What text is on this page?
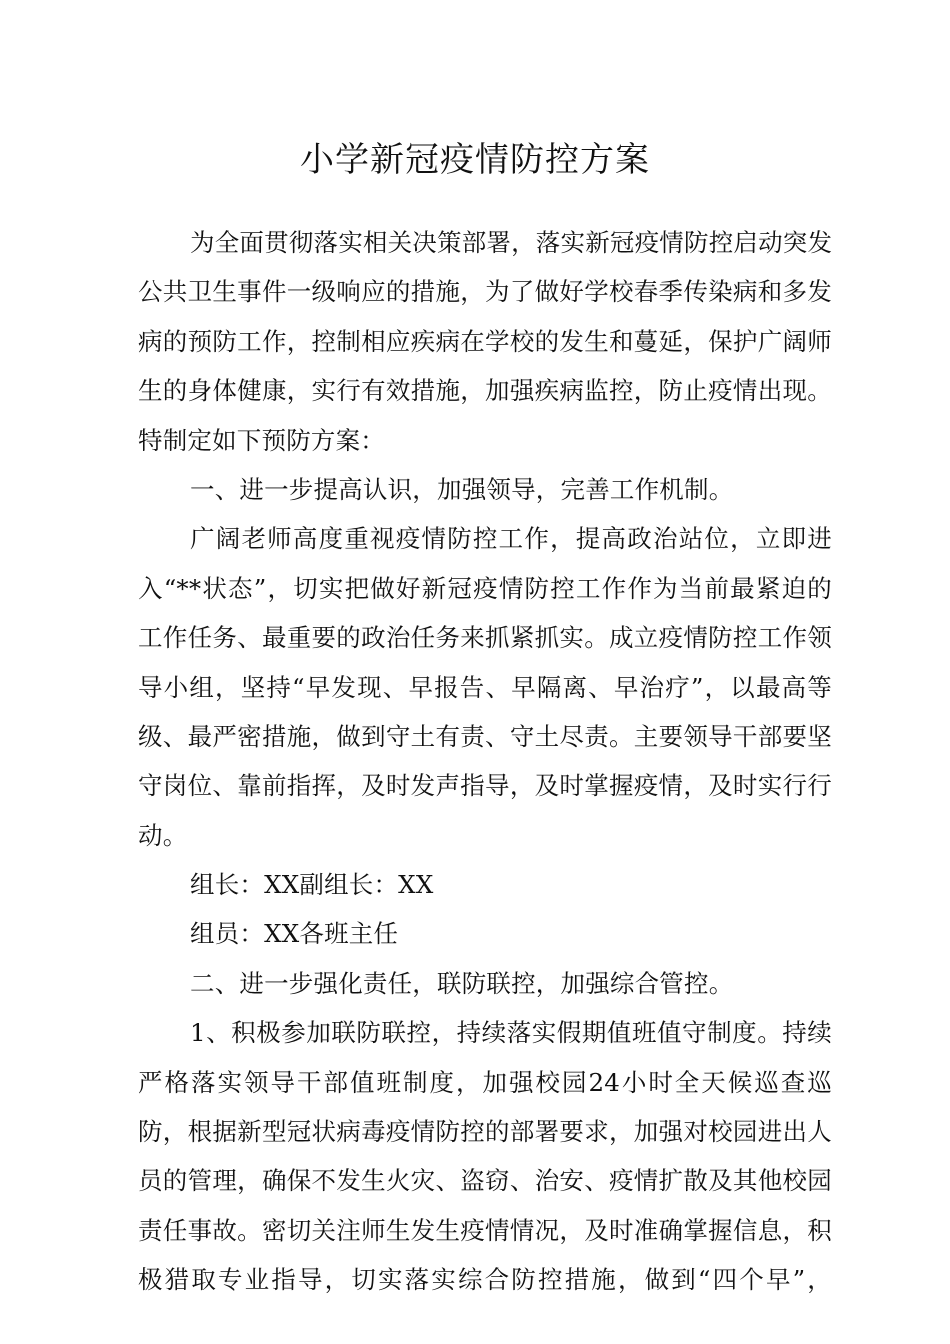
小学新冠疫情防控方案
为全面贯彻落实相关决策部署，落实新冠疫情防控启动突发
公共卫生事件一级响应的措施，为了做好学校春季传染病和多发
病的预防工作，控制相应疾病在学校的发生和蔓延，保护广阔师
生的身体健康，实行有效措施，加强疾病监控，防止疫情出现。
特制定如下预防方案：
一、进一步提高认识，加强领导，完善工作机制。
广阔老师高度重视疫情防控工作，提高政治站位，立即进
入“**状态”，切实把做好新冠疫情防控工作作为当前最紧迫的
工作任务、最重要的政治任务来抓紧抓实。成立疫情防控工作领
导小组，坚持“早发现、早报告、早隔离、早治疗”，以最高等
级、最严密措施，做到守土有责、守土尽责。主要领导干部要坚
守岗位、靠前指挥，及时发声指导，及时掌握疫情，及时实行行
动。
组长：XX副组长：XX
组员：XX各班主任
二、进一步强化责任，联防联控，加强综合管控。
1、积极参加联防联控，持续落实假期值班值守制度。持续
严格落实领导干部值班制度，加强校园24小时全天候巡查巡
防，根据新型冠状病毒疫情防控的部署要求，加强对校园进出人
员的管理，确保不发生火灾、盗窃、治安、疫情扩散及其他校园
责任事故。密切关注师生发生疫情情况，及时准确掌握信息，积
极猎取专业指导，切实落实综合防控措施，做到“四个早”，
